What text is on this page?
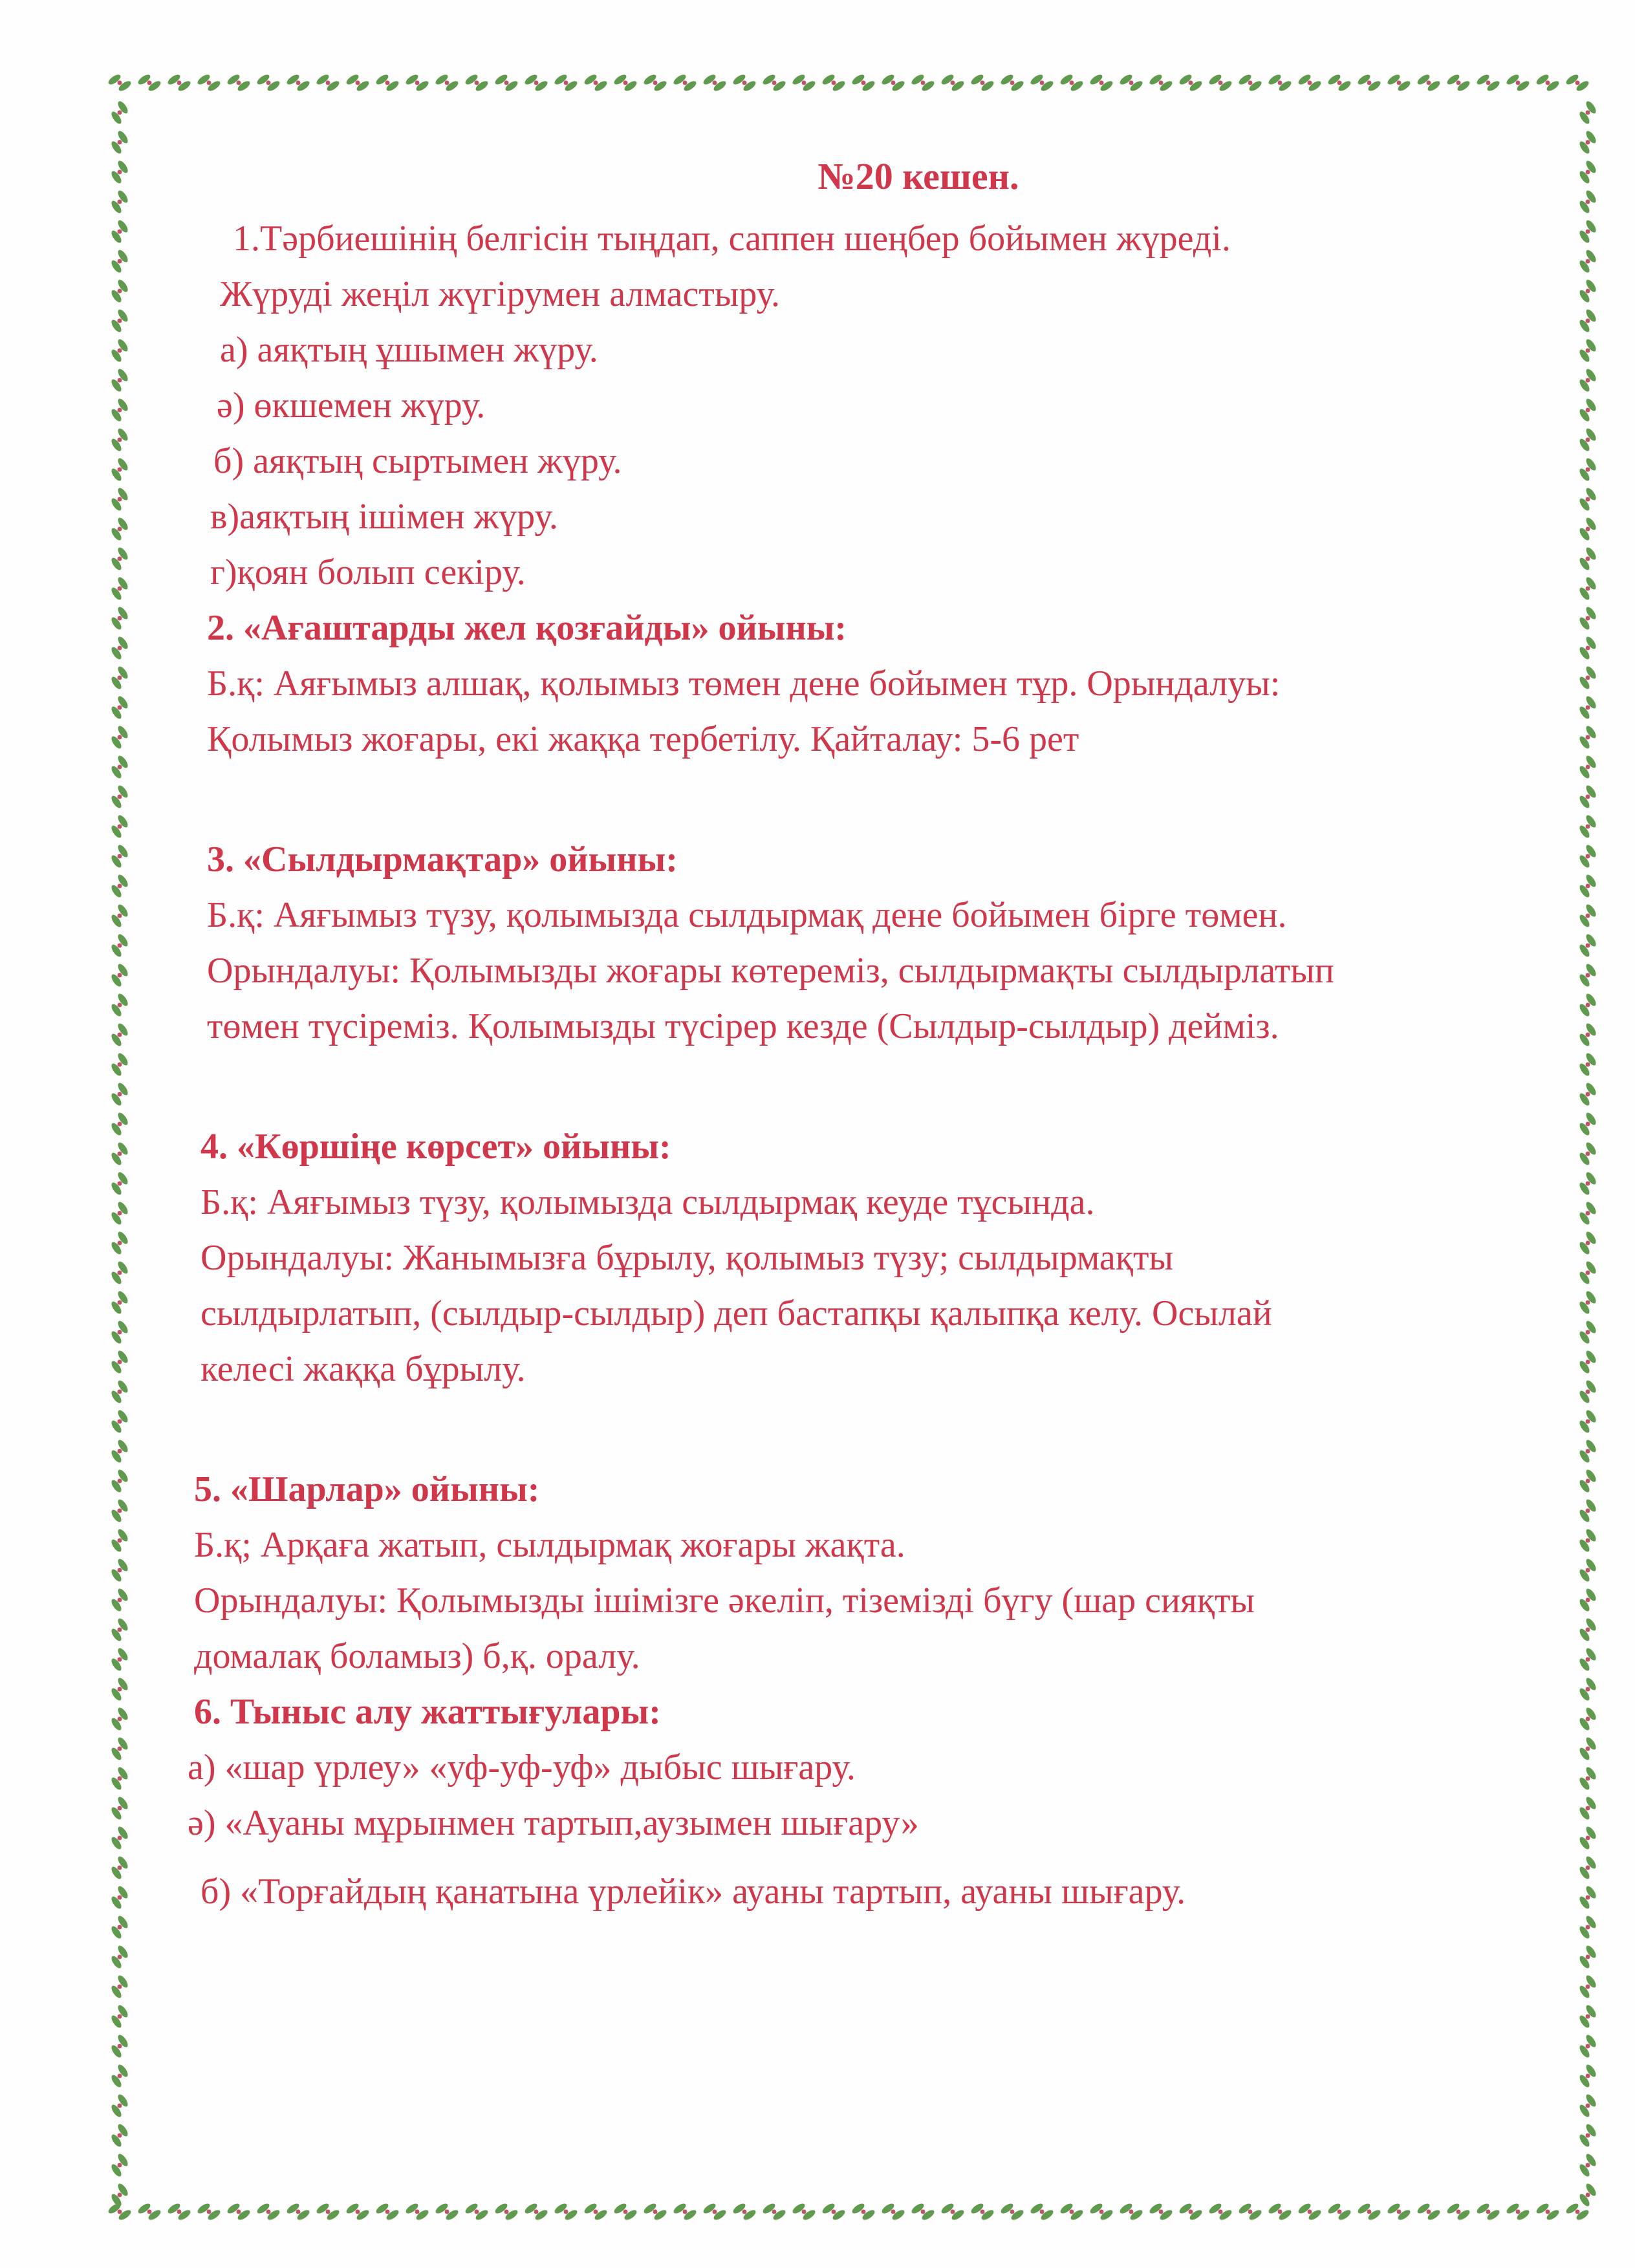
№20 кешен.
1.Тәрбиешінің белгісін тыңдап, саппен шеңбер бойымен жүреді.
Жүруді жеңіл жүгірумен алмастыру.
а) аяқтың ұшымен жүру.
ә) өкшемен жүру.
б) аяқтың сыртымен жүру.
в)аяқтың ішімен жүру.
г)қоян болып секіру.
2. «Ағаштарды жел қозғайды» ойыны:
Б.қ: Аяғымыз алшақ, қолымыз төмен дене бойымен тұр. Орындалуы:
Қолымыз жоғары, екі жаққа тербетілу. Қайталау: 5-6 рет
3. «Сылдырмақтар» ойыны:
Б.қ: Аяғымыз түзу, қолымызда сылдырмақ дене бойымен бірге төмен.
Орындалуы: Қолымызды жоғары көтереміз, сылдырмақты сылдырлатып
төмен түсіреміз. Қолымызды түсірер кезде (Сылдыр-сылдыр) дейміз.
4. «Көршіңе көрсет» ойыны:
Б.қ: Аяғымыз түзу, қолымызда сылдырмақ кеуде тұсында.
Орындалуы: Жанымызға бұрылу, қолымыз түзу; сылдырмақты
сылдырлатып, (сылдыр-сылдыр) деп бастапқы қалыпқа келу. Осылай
келесі жаққа бұрылу.
5. «Шарлар» ойыны:
Б.қ; Арқаға жатып, сылдырмақ жоғары жақта.
Орындалуы: Қолымызды ішімізге әкеліп, тіземізді бүгу (шар сияқты
домалақ боламыз) б,қ. оралу.
6. Тыныс алу жаттығулары:
а) «шар үрлеу» «уф-уф-уф» дыбыс шығару.
ә) «Ауаны мұрынмен тартып,аузымен шығару»
б) «Торғайдың қанатына үрлейік» ауаны тартып, ауаны шығару.
